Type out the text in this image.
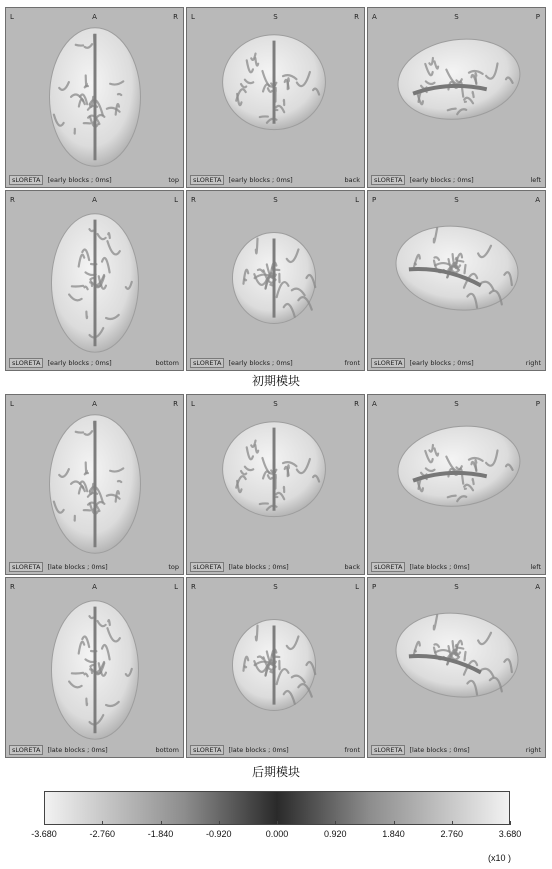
L	A	R
sLORETA [early blocks ; 0ms]	top
L	S	R
sLORETA [early blocks ; 0ms]	back
A	S	P
sLORETA [early blocks ; 0ms]	left
R	A	L
sLORETA [early blocks ; 0ms]	bottom
R	S	L
sLORETA [early blocks ; 0ms]	front
P	S	A
sLORETA [early blocks ; 0ms]	right
初期模块
L	A	R
sLORETA [late blocks ; 0ms]	top
L	S	R
sLORETA [late blocks ; 0ms]	back
A	S	P
sLORETA [late blocks ; 0ms]	left
R	A	L
sLORETA [late blocks ; 0ms]	bottom
R	S	L
sLORETA [late blocks ; 0ms]	front
P	S	A
sLORETA [late blocks ; 0ms]	right
后期模块
-3.680	-2.760	-1.840	-0.920	0.000	0.920	1.840	2.760	3.680
(x10 )
